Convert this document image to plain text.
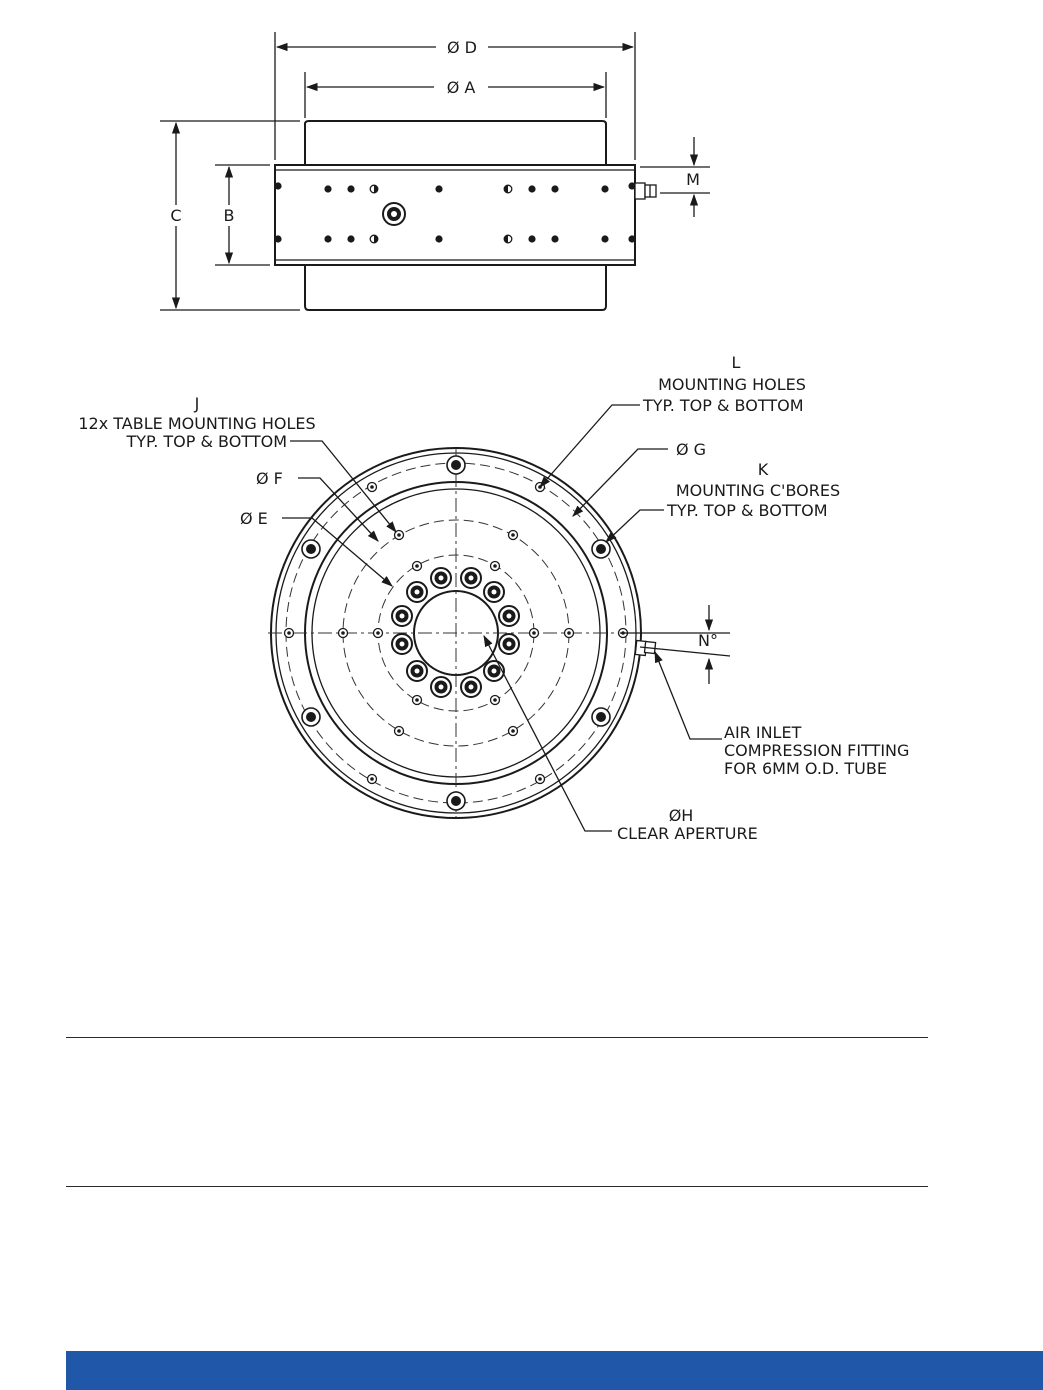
Ø D
Ø A
C	B
M
L
MOUNTING HOLES
TYP. TOP & BOTTOM
J
12x TABLE MOUNTING HOLES
TYP. TOP & BOTTOM	Ø G
K
MOUNTING C'BORES
TYP. TOP & BOTTOM
Ø F
Ø E
N°
AIR INLET
COMPRESSION FITTING
FOR 6MM O.D. TUBE
ØH
CLEAR APERTURE
